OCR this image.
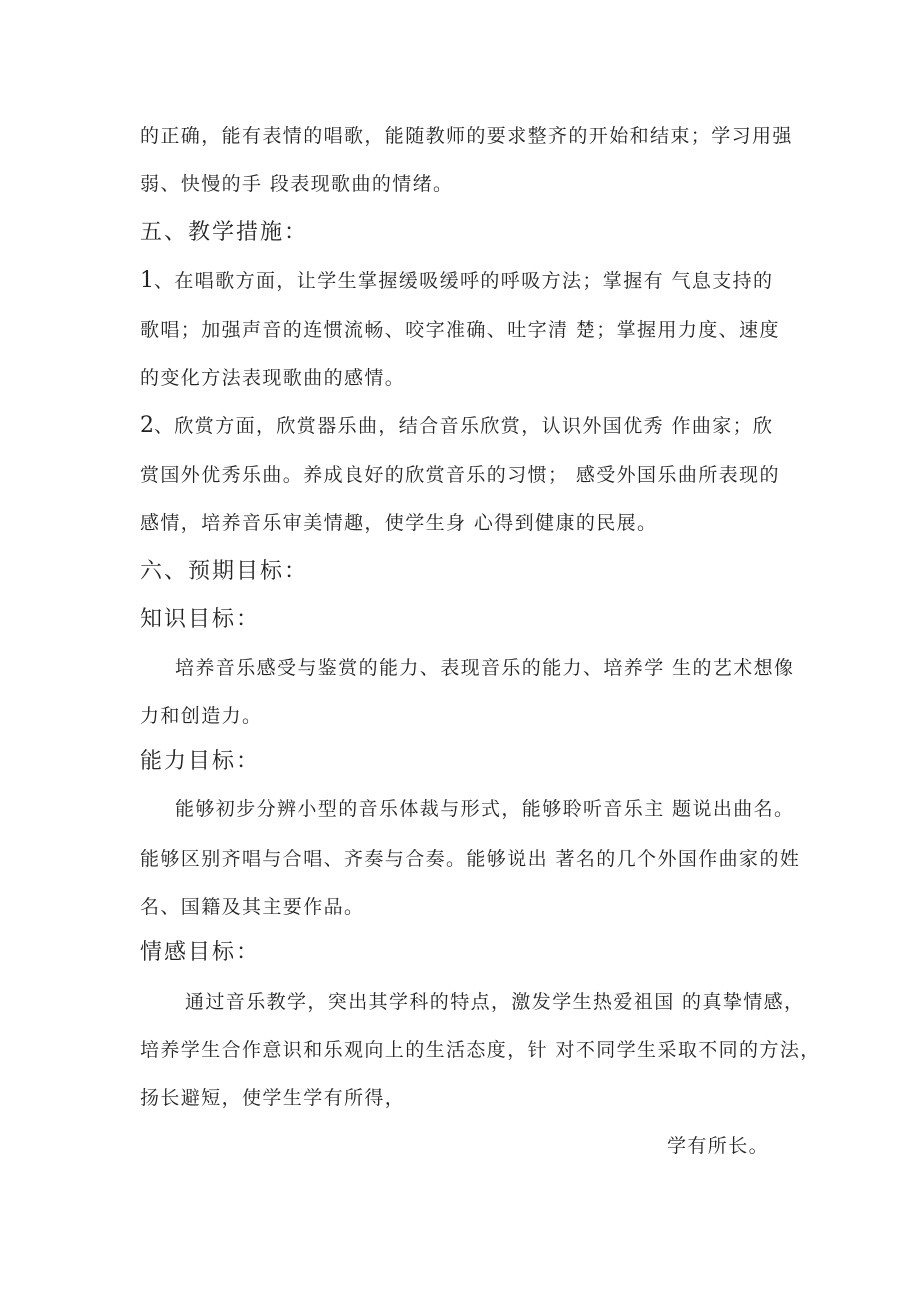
的正确，能有表情的唱歌，能随教师的要求整齐的开始和结束；学习用强
弱、快慢的手 段表现歌曲的情绪。
五、教学措施：
1 、在唱歌方面，让学生掌握缓吸缓呼的呼吸方法；掌握有 气息支持的
歌唱；加强声音的连惯流畅、咬字准确、吐字清 楚；掌握用力度、速度
的变化方法表现歌曲的感情。
2 、欣赏方面，欣赏器乐曲，结合音乐欣赏，认识外国优秀 作曲家；欣
赏国外优秀乐曲。养成良好的欣赏音乐的习惯； 感受外国乐曲所表现的
感情，培养音乐审美情趣，使学生身 心得到健康的民展。
六、预期目标：
知识目标：
培养音乐感受与鉴赏的能力、表现音乐的能力、培养学 生的艺术想像
力和创造力。
能力目标：
能够初步分辨小型的音乐体裁与形式，能够聆听音乐主 题说出曲名。
能够区别齐唱与合唱、齐奏与合奏。能够说出 著名的几个外国作曲家的姓
名、国籍及其主要作品。
情感目标：
通过音乐教学，突出其学科的特点，激发学生热爱祖国 的真挚情感，
培养学生合作意识和乐观向上的生活态度，针 对不同学生采取不同的方法，
扬长避短，使学生学有所得，
学有所长。
